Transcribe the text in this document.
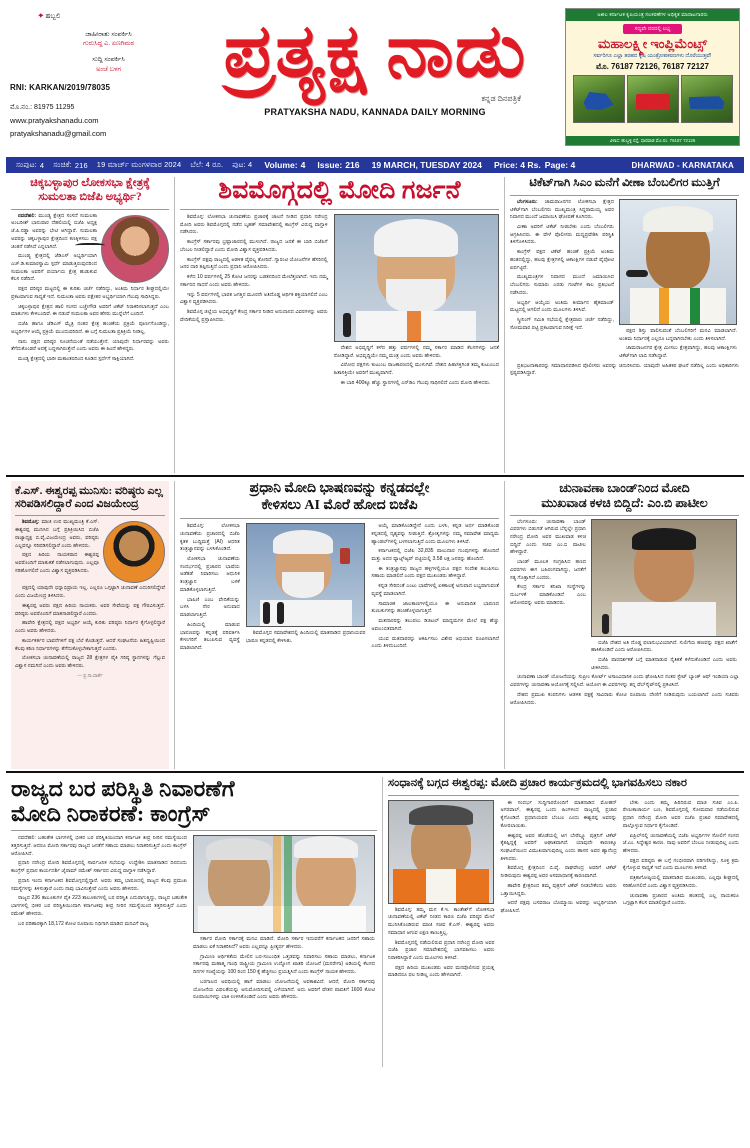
✦ ಹಬ್ಬಲಿ
ಜಾಹೀರಾತು ಸಂಪರ್ಕಿಸಿ
ಗುರುಸಿದ್ದ ಎ. ಏಣಗಿಮಠ
ಸುದ್ದಿ ಸಂಪರ್ಕಿಸಿ
ಅಂಚೆ ಬಳಗ
RNI: KARKAN/2019/78035
ಮೊ.ನಂ.: 81975 11295
www.pratyakshanadu.com
pratyakshanadu@gmail.com
ಪ್ರತ್ಯಕ್ಷ ನಾಡು
ಕನ್ನಡ ದಿನಪತ್ರಿಕೆ
PRATYAKSHA NADU, KANNADA DAILY MORNING
ಅಖಿಲ ಕರ್ನಾಟಕ ಕೃಷಿಯಂತ್ರ ಸಲಕರಣೆಗಳ ಅಧಿಕೃತ ಮಾರಾಟಗಾರರು
ಸದ್ಯವೇ ದರದಲ್ಲಿ ಲಭ್ಯ
ಮಹಾಲಕ್ಷ್ಮೀ ಇಂಪ್ಲಿಮೆಂಟ್ಸ್
ಸರ್ವರಿಗೂ ಎಲ್ಲಾ ತರಹದ ಕೃಷಿ ಯಂತ್ರೋಪಕರಣಗಳು ದೊರೆಯುತ್ತವೆ!
ಮೊ. 76187 72126, 76187 72127
ವಿಳಾಸ: ಹುಬ್ಬಳ್ಳಿ ರಸ್ತೆ, ಧಾರವಾಡ ಮೊ.ನಂ. 76187 72126
ಸಂಪುಟ: 4 ಸಂಚಿಕೆ: 216 19 ಮಾರ್ಚ್ ಮಂಗಳವಾರ 2024 ಬೆಲೆ: 4 ರೂ. ಪುಟ: 4 Volume: 4 Issue: 216 19 MARCH, TUESDAY 2024 Price: 4 Rs. Page: 4	DHARWAD - KARNATAKA
ಚಿಕ್ಕಬಳ್ಳಾಪುರ ಲೋಕಸಭಾ ಕ್ಷೇತ್ರಕ್ಕೆ ಸುಮಲತಾ ಬಿಜೆಪಿ ಅಭ್ಯರ್ಥಿ?

ನವದೆಹಲಿ: ಮುಂಡ್ಯ ಕ್ಷೇತ್ರದ ಸಂಸದೆ ಸುಮಲತಾ ಅಂಬರೀಶ್ ಭಾನುವಾರ ದೆಹಲಿಯಲ್ಲಿ ಬಿಜೆಪಿ ಅಧ್ಯಕ್ಷ ಜೆ.ಪಿ.ನಡ್ಡಾ ಅವರನ್ನು ಭೇಟಿ ಆಗಿದ್ದಾರೆ. ಸುಮಲತಾ ಅವರನ್ನು ಚಿಕ್ಕಬಳ್ಳಾಪುರ ಕ್ಷೇತ್ರದಿಂದ ಕಣಕ್ಕಿಳಿಸಲು ಪಕ್ಷ ಚಿಂತನೆ ನಡೆಸಿದೆ ಎನ್ನಲಾಗಿದೆ.

ಮುಂಡ್ಯ ಕ್ಷೇತ್ರದಲ್ಲಿ ಜೆಡಿಎಸ್ ಅಭ್ಯರ್ಥಿಯಾಗಿ ಎಚ್.ಡಿ.ಕುಮಾರಸ್ವಾಮಿ ಸ್ಪರ್ಧೆ ಮಾಡುತ್ತಿರುವುದರಿಂದ ಸುಮಲತಾ ಅವರಿಗೆ ಪರ್ಯಾಯ ಕ್ಷೇತ್ರ ಹುಡುಕುವ ಕೆಲಸ ನಡೆದಿದೆ.

ಪಕ್ಷದ ವರಿಷ್ಠರ ಮಟ್ಟದಲ್ಲಿ ಈ ಕುರಿತು ಚರ್ಚೆ ನಡೆದಿದ್ದು, ಅಂತಿಮ ನಿರ್ಧಾರ ಶೀಘ್ರದಲ್ಲಿಯೇ ಪ್ರಕಟವಾಗುವ ಸಾಧ್ಯತೆ ಇದೆ. ಸುಮಲತಾ ಅವರು ಪಕ್ಷೇತರ ಅಭ್ಯರ್ಥಿಯಾಗಿ ಗೆಲುವು ಸಾಧಿಸಿದ್ದರು.

ಚಿಕ್ಕಬಳ್ಳಾಪುರ ಕ್ಷೇತ್ರದ ಹಾಲಿ ಸಂಸದ ಬಚ್ಚೇಗೌಡ ಅವರಿಗೆ ಟಿಕೆಟ್ ನಿರಾಕರಿಸಲಾಗುತ್ತದೆ ಎಂಬ ಮಾತುಗಳು ಕೇಳಿಬಂದಿವೆ. ಈ ನಡುವೆ ಸುಮಲತಾ ಅವರ ಹೆಸರು ಮುನ್ನೆಲೆಗೆ ಬಂದಿದೆ.

ಬಿಜೆಪಿ ಹಾಗೂ ಜೆಡಿಎಸ್ ಮೈತ್ರಿ ನಂತರ ಕ್ಷೇತ್ರ ಹಂಚಿಕೆಯ ಪ್ರಕ್ರಿಯೆ ಪೂರ್ಣಗೊಂಡಿದ್ದು, ಅಭ್ಯರ್ಥಿಗಳ ಆಯ್ಕೆ ಪ್ರಕ್ರಿಯೆ ಮುಂದುವರಿದಿದೆ. ಈ ಬಗ್ಗೆ ಸುಮಲತಾ ಪ್ರತಿಕ್ರಿಯೆ ನೀಡಿಲ್ಲ.

ನಾನು ಪಕ್ಷದ ವರಿಷ್ಠರ ಸೂಚನೆಯಂತೆ ನಡೆಯುತ್ತೇನೆ. ಯಾವುದೇ ನಿರ್ಧಾರವನ್ನು ಅವರು ತೆಗೆದುಕೊಂಡರೆ ಅದಕ್ಕೆ ಬದ್ಧಳಾಗಿರುತ್ತೇನೆ ಎಂದು ಅವರು ಈ ಹಿಂದೆ ಹೇಳಿದ್ದರು.

ಮಂಡ್ಯ ಕ್ಷೇತ್ರದಲ್ಲಿ ಭಾರೀ ಮತಾಂತರದಿಂದ ಕೂಡಿದ ಸ್ಪರ್ಧೆಗೆ ಸಾಕ್ಷಿಯಾಗಿದೆ.

ಶಿವಮೊಗ್ಗದಲ್ಲಿ ಮೋದಿ ಗರ್ಜನೆ

ಶಿವಮೊಗ್ಗ: ಲೋಕಸಭಾ ಚುನಾವಣೆಯ ಪ್ರಚಾರಕ್ಕೆ ಚಾಲನೆ ನೀಡಿದ ಪ್ರಧಾನಿ ನರೇಂದ್ರ ಮೋದಿ ಅವರು ಶಿವಮೊಗ್ಗದಲ್ಲಿ ನಡೆದ ಬೃಹತ್ ಸಮಾವೇಶದಲ್ಲಿ ಕಾಂಗ್ರೆಸ್ ವಿರುದ್ಧ ವಾಗ್ದಾಳಿ ನಡೆಸಿದರು.

ಕಾಂಗ್ರೆಸ್ ಸರ್ಕಾರವು ಭ್ರಷ್ಟಾಚಾರದಲ್ಲಿ ಮುಳುಗಿದೆ. ರಾಜ್ಯದ ಜನತೆ ಈ ಬಾರಿ ಬಿಜೆಪಿಗೆ ಬೆಂಬಲ ನೀಡಲಿದ್ದಾರೆ ಎಂದು ಮೋದಿ ವಿಶ್ವಾಸ ವ್ಯಕ್ತಪಡಿಸಿದರು.

ಕಾಂಗ್ರೆಸ್ ಪಕ್ಷವು ರಾಜ್ಯದಲ್ಲಿ ಆಡಳಿತ ವೈಫಲ್ಯ ತೋರಿದೆ. ಗ್ಯಾರಂಟಿ ಯೋಜನೆಗಳ ಹೆಸರಿನಲ್ಲಿ ಜನರ ದಾರಿ ತಪ್ಪಿಸುತ್ತಿದೆ ಎಂದು ಪ್ರಧಾನಿ ಆರೋಪಿಸಿದರು.

ಕಳೆದ 10 ವರ್ಷಗಳಲ್ಲಿ 25 ಕೋಟಿ ಜನರನ್ನು ಬಡತನದಿಂದ ಮೇಲೆತ್ತಲಾಗಿದೆ. ಇದು ನಮ್ಮ ಸರ್ಕಾರದ ಸಾಧನೆ ಎಂದು ಅವರು ಹೇಳಿದರು.

ಇನ್ನು 5 ವರ್ಷಗಳಲ್ಲಿ ಭಾರತ ಜಗತ್ತಿನ ಮೂರನೇ ಅತಿದೊಡ್ಡ ಆರ್ಥಿಕ ಶಕ್ತಿಯಾಗಲಿದೆ ಎಂಬ ವಿಶ್ವಾಸ ವ್ಯಕ್ತಪಡಿಸಿದರು.

ಶಿವಮೊಗ್ಗ ಜಿಲ್ಲೆಯ ಅಭಿವೃದ್ಧಿಗೆ ಕೇಂದ್ರ ಸರ್ಕಾರ ನೀಡಿದ ಅನುದಾನದ ವಿವರಗಳನ್ನು ಅವರು ವೇದಿಕೆಯಲ್ಲಿ ಪ್ರಸ್ತಾಪಿಸಿದರು.

ದೇಶದ ಅಭಿವೃದ್ಧಿಗೆ ಕಳೆದ ಹತ್ತು ವರ್ಷಗಳಲ್ಲಿ ನಮ್ಮ ಸರ್ಕಾರ ಮಾಡಿದ ಕೆಲಸಗಳನ್ನು ಜನತೆ ನೋಡಿದ್ದಾರೆ. ಅಭಿವೃದ್ಧಿಯೇ ನಮ್ಮ ಮಂತ್ರ ಎಂದು ಅವರು ಹೇಳಿದರು.

ವಿರೋಧ ಪಕ್ಷಗಳು ಕುಟುಂಬ ರಾಜಕಾರಣದಲ್ಲಿ ಮುಳುಗಿವೆ. ದೇಶದ ಹಿತಾಸಕ್ತಿಗಿಂತ ತಮ್ಮ ಕುಟುಂಬದ ಹಿತಾಸಕ್ತಿಯೇ ಅವರಿಗೆ ಮುಖ್ಯವಾಗಿದೆ.

ಈ ಬಾರಿ 400ಕ್ಕೂ ಹೆಚ್ಚು ಸ್ಥಾನಗಳಲ್ಲಿ ಎನ್‌ಡಿಎ ಗೆಲುವು ಸಾಧಿಸಲಿದೆ ಎಂದು ಮೋದಿ ಹೇಳಿದರು.

ಟಿಕೆಟ್‌ಗಾಗಿ ಸಿಎಂ ಮನೆಗೆ ವೀಣಾ ಬೆಂಬಲಿಗರ ಮುತ್ತಿಗೆ

ಬೆಂಗಳೂರು: ಚಾಮರಾಜನಗರ ಲೋಕಸಭಾ ಕ್ಷೇತ್ರದ ಟಿಕೆಟ್‌ಗಾಗಿ ಬೆಂಬಲಿಗರು ಮುಖ್ಯಮಂತ್ರಿ ಸಿದ್ದರಾಮಯ್ಯ ಅವರ ನಿವಾಸದ ಮುಂದೆ ಜಮಾಯಿಸಿ ಘೋಷಣೆ ಕೂಗಿದರು.

ವೀಣಾ ಅವರಿಗೆ ಟಿಕೆಟ್ ನೀಡಬೇಕು ಎಂದು ಬೆಂಬಲಿಗರು ಆಗ್ರಹಿಸಿದರು. ಈ ವೇಳೆ ಪೊಲೀಸರು ಮಧ್ಯಪ್ರವೇಶಿಸಿ ಪರಿಸ್ಥಿತಿ ತಿಳಿಗೊಳಿಸಿದರು.

ಕಾಂಗ್ರೆಸ್ ಪಕ್ಷದ ಟಿಕೆಟ್ ಹಂಚಿಕೆ ಪ್ರಕ್ರಿಯೆ ಅಂತಿಮ ಹಂತದಲ್ಲಿದ್ದು, ಹಲವು ಕ್ಷೇತ್ರಗಳಲ್ಲಿ ಆಕಾಂಕ್ಷಿಗಳ ನಡುವೆ ಪೈಪೋಟಿ ಏರ್ಪಟ್ಟಿದೆ.

ಮುಖ್ಯಮಂತ್ರಿಗಳ ನಿವಾಸದ ಮುಂದೆ ಜಮಾಯಿಸಿದ ಬೆಂಬಲಿಗರು ಸುಮಾರು ಎರಡು ಗಂಟೆಗಳ ಕಾಲ ಪ್ರತಿಭಟನೆ ನಡೆಸಿದರು.

ಅಭ್ಯರ್ಥಿ ಆಯ್ಕೆಯ ಅಂತಿಮ ತೀರ್ಮಾನ ಹೈಕಮಾಂಡ್ ಮಟ್ಟದಲ್ಲಿ ಆಗಲಿದೆ ಎಂದು ಮೂಲಗಳು ತಿಳಿಸಿವೆ.

ಸ್ಕ್ರೀನಿಂಗ್ ಸಮಿತಿ ಸಭೆಯಲ್ಲಿ ಕ್ಷೇತ್ರವಾರು ಚರ್ಚೆ ನಡೆದಿದ್ದು, ಸೋಮವಾರ ಪಟ್ಟಿ ಪ್ರಕಟವಾಗುವ ನಿರೀಕ್ಷೆ ಇದೆ.	ಪಕ್ಷದ ಶಿಸ್ತು ಪಾಲಿಸುವಂತೆ ಬೆಂಬಲಿಗರಿಗೆ ಮನವಿ ಮಾಡಲಾಗಿದೆ. ಅಂತಿಮ ನಿರ್ಧಾರಕ್ಕೆ ಎಲ್ಲರೂ ಬದ್ಧರಾಗಿರಬೇಕು ಎಂದು ತಿಳಿಸಲಾಗಿದೆ.

ಚಾಮರಾಜನಗರ ಕ್ಷೇತ್ರ ಮೀಸಲು ಕ್ಷೇತ್ರವಾಗಿದ್ದು, ಹಲವು ಆಕಾಂಕ್ಷಿಗಳು ಟಿಕೆಟ್‌ಗಾಗಿ ಲಾಬಿ ನಡೆಸಿದ್ದಾರೆ.

ಪ್ರತಿಭಟನಾಕಾರರನ್ನು ಸಮಾಧಾನಪಡಿಸಿದ ಪೊಲೀಸರು ಅವರನ್ನು ಚದುರಿಸಿದರು. ಯಾವುದೇ ಅಹಿತಕರ ಘಟನೆ ನಡೆದಿಲ್ಲ ಎಂದು ಅಧಿಕಾರಿಗಳು ಸ್ಪಷ್ಟಪಡಿಸಿದ್ದಾರೆ.

ಕೆ.ಎಸ್. ಈಶ್ವರಪ್ಪ ಮುನಿಸು: ವರಿಷ್ಠರು ಎಲ್ಲ ಸರಿಪಡಿಸಲಿದ್ದಾರೆ ಎಂದ ವಿಜಯೇಂದ್ರ

ಶಿವಮೊಗ್ಗ: ಮಾಜಿ ಉಪ ಮುಖ್ಯಮಂತ್ರಿ ಕೆ.ಎಸ್. ಈಶ್ವರಪ್ಪ ಮುನಿಸಿನ ಬಗ್ಗೆ ಪ್ರತಿಕ್ರಿಯಿಸಿದ ಬಿಜೆಪಿ ರಾಜ್ಯಾಧ್ಯಕ್ಷ ಬಿ.ವೈ.ವಿಜಯೇಂದ್ರ ಅವರು, ವರಿಷ್ಠರು ಎಲ್ಲವನ್ನೂ ಸರಿಪಡಿಸಲಿದ್ದಾರೆ ಎಂದು ಹೇಳಿದರು.

ಪಕ್ಷದ ಹಿರಿಯ ನಾಯಕರಾದ ಈಶ್ವರಪ್ಪ ಅವರೊಂದಿಗೆ ಮಾತುಕತೆ ನಡೆಸಲಾಗುವುದು. ಎಲ್ಲವೂ ಸರಿಹೋಗಲಿದೆ ಎಂದು ವಿಶ್ವಾಸ ವ್ಯಕ್ತಪಡಿಸಿದರು.

ಪಕ್ಷದಲ್ಲಿ ಯಾವುದೇ ಭಿನ್ನಾಭಿಪ್ರಾಯ ಇಲ್ಲ. ಎಲ್ಲರೂ ಒಗ್ಗಟ್ಟಾಗಿ ಚುನಾವಣೆ ಎದುರಿಸಲಿದ್ದೇವೆ ಎಂದು ವಿಜಯೇಂದ್ರ ತಿಳಿಸಿದರು.

ಈಶ್ವರಪ್ಪ ಅವರು ಪಕ್ಷದ ಹಿರಿಯ ನಾಯಕರು. ಅವರ ಸೇವೆಯನ್ನು ಪಕ್ಷ ಗೌರವಿಸುತ್ತದೆ. ವರಿಷ್ಠರು ಅವರೊಂದಿಗೆ ಮಾತನಾಡಲಿದ್ದಾರೆ ಎಂದರು.

ಹಾವೇರಿ ಕ್ಷೇತ್ರದಲ್ಲಿ ಪಕ್ಷದ ಅಭ್ಯರ್ಥಿ ಆಯ್ಕೆ ಕುರಿತು ವರಿಷ್ಠರು ನಿರ್ಧಾರ ಕೈಗೊಳ್ಳಲಿದ್ದಾರೆ ಎಂದು ಅವರು ಹೇಳಿದರು.

ಕಾರ್ಯಕರ್ತರ ಭಾವನೆಗಳಿಗೆ ಪಕ್ಷ ಬೆಲೆ ಕೊಡುತ್ತದೆ. ಆದರೆ ಸಂಘಟನೆಯ ಹಿತದೃಷ್ಟಿಯಿಂದ ಕೆಲವು ಕಠಿಣ ನಿರ್ಧಾರಗಳನ್ನು ತೆಗೆದುಕೊಳ್ಳಬೇಕಾಗುತ್ತದೆ ಎಂದರು.

ಲೋಕಸಭಾ ಚುನಾವಣೆಯಲ್ಲಿ ರಾಜ್ಯದ 28 ಕ್ಷೇತ್ರಗಳ ಪೈಕಿ ಗರಿಷ್ಠ ಸ್ಥಾನಗಳನ್ನು ಗೆಲ್ಲುವ ವಿಶ್ವಾಸ ನಮಗಿದೆ ಎಂದು ಅವರು ಹೇಳಿದರು.

— ಪ್ರ.ನಾ.ವಾರ್ತೆ

ಪ್ರಧಾನಿ ಮೋದಿ ಭಾಷಣವನ್ನು ಕನ್ನಡದಲ್ಲೇ
ಕೇಳಿಸಲು AI ಮೊರೆ ಹೋದ ಬಿಜೆಪಿ

ಶಿವಮೊಗ್ಗ: ಲೋಕಸಭಾ ಚುನಾವಣೆಯ ಪ್ರಚಾರದಲ್ಲಿ ಬಿಜೆಪಿ ಕೃತಕ ಬುದ್ಧಿಮತ್ತೆ (AI) ಆಧರಿತ ತಂತ್ರಜ್ಞಾನವನ್ನು ಬಳಸಿಕೊಂಡಿದೆ.

ಲೋಕಸಭಾ ಚುನಾವಣೆಯ ಸಂದರ್ಭದಲ್ಲಿ ಪ್ರಚಾರದ ಭಾಷೆಯ ಅಡೆತಡೆ ನಿವಾರಿಸಲು ಆಧುನಿಕ ತಂತ್ರಜ್ಞಾನ ಬಳಕೆ ಮಾಡಿಕೊಳ್ಳಲಾಗುತ್ತಿದೆ.

ಭಾಷಿಣಿ ಎಂಬ ವೇದಿಕೆಯನ್ನು ಬಳಸಿ ನೇರ ಅನುವಾದ ಮಾಡಲಾಗುತ್ತಿದೆ.

ಹಿಂದಿಯಲ್ಲಿ ಮಾಡುವ ಭಾಷಣವನ್ನು ಕನ್ನಡಕ್ಕೆ ಪರಿವರ್ತಿಸಿ ಕೇಳುಗರಿಗೆ ತಲುಪಿಸುವ ವ್ಯವಸ್ಥೆ ಮಾಡಲಾಗಿದೆ.

ಶಿವಮೊಗ್ಗದ ಸಮಾವೇಶದಲ್ಲಿ ಹಿಂದಿಯಲ್ಲಿ ಮಾತನಾಡಿದ ಪ್ರಧಾನಿಯವರ ಭಾಷಣ ಕನ್ನಡದಲ್ಲಿ ಕೇಳಿಸಿತು.

ಆಯ್ಕೆ ಮಾಡಿಕೊಂಡಿದ್ದೇನೆ ಎಂದು ಬಳಸಿ, ಕನ್ನಡ ಅರ್ಥ ಮಾಡಿಕೊಂಡ ಕನ್ನಡದಲ್ಲಿ ದೃಶ್ಯವನ್ನು ನೀಡುತ್ತಿದೆ. ಶ್ರೋತೃಗಳನ್ನು ನಮ್ಮ ಸಮಾವೇಶ ಮಾಧ್ಯಮ ಹ್ಯಾಂಡಲ್‌ಗಳಲ್ಲಿ ಬಳಸಲಾಗುತ್ತಿದೆ ಎಂದು ಮೂಲಗಳು ತಿಳಿಸಿವೆ.

ಕರ್ನಾಟಕದಲ್ಲಿ ಬಿಜೆಪಿ 32,835 ಪಾಲುದಾರ ಗುಂಪುಗಳನ್ನು ಹೊಂದಿದೆ ಮತ್ತು ಅದರ ವ್ಯಾಟ್ಸ್‌ಆ್ಯಪ್ ಪಟ್ಟಿಯಲ್ಲಿ 3.58 ಲಕ್ಷ ಜನರನ್ನು ಹೊಂದಿದೆ.

ಈ ತಂತ್ರಜ್ಞಾನವು ರಾಜ್ಯದ ಹಳ್ಳಿಗಳಲ್ಲಿಯೂ ಪಕ್ಷದ ಸಂದೇಶ ತಲುಪಿಸಲು ಸಹಾಯ ಮಾಡಲಿದೆ ಎಂದು ಪಕ್ಷದ ಮುಖಂಡರು ಹೇಳಿದ್ದಾರೆ.

ಕನ್ನಡ ಸೇರಿದಂತೆ ಎಂಟು ಭಾಷೆಗಳಲ್ಲಿ ಏಕಕಾಲಕ್ಕೆ ಅನುವಾದ ಲಭ್ಯವಾಗುವಂತೆ ವ್ಯವಸ್ಥೆ ಮಾಡಲಾಗಿದೆ.

ಸಾಮಾಜಿಕ ಜಾಲತಾಣಗಳಲ್ಲಿಯೂ ಈ ಅನುವಾದಿತ ಭಾಷಣದ ತುಣುಕುಗಳನ್ನು ಹಂಚಿಕೊಳ್ಳಲಾಗುತ್ತಿದೆ.

ಮತದಾರರನ್ನು ತಲುಪಲು ಡಿಜಿಟಲ್ ಮಾಧ್ಯಮಗಳ ಮೇಲೆ ಪಕ್ಷ ಹೆಚ್ಚು ಅವಲಂಬಿತವಾಗಿದೆ.

ಯುವ ಮತದಾರರನ್ನು ಆಕರ್ಷಿಸಲು ವಿಶೇಷ ಅಭಿಯಾನ ರೂಪಿಸಲಾಗಿದೆ ಎಂದು ತಿಳಿದುಬಂದಿದೆ.

ಚುನಾವಣಾ ಬಾಂಡ್‌ನಿಂದ ಮೋದಿ
ಮುಖವಾಡ ಕಳಚಿ ಬಿದ್ದಿದೆ: ಎಂ.ಬಿ ಪಾಟೀಲ

ಬೆಂಗಳೂರು: ಚುನಾವಣಾ ಬಾಂಡ್ ವಿವರಗಳು ಬಿಡುಗಡೆ ಆಗಿರುವ ಬೆನ್ನಲ್ಲೇ ಪ್ರಧಾನಿ ನರೇಂದ್ರ ಮೋದಿ ಅವರ ಮುಖವಾಡ ಕಳಚಿ ಬಿದ್ದಿದೆ ಎಂದು ಸಚಿವ ಎಂ.ಬಿ ಪಾಟೀಲ ಹೇಳಿದ್ದಾರೆ.

ಬಾಂಡ್ ಮೂಲಕ ಸಂಗ್ರಹಿಸಿದ ಹಣದ ವಿವರಗಳು ಈಗ ಬಹಿರಂಗವಾಗಿದ್ದು, ಜನತೆಗೆ ಸತ್ಯ ಗೊತ್ತಾಗಿದೆ ಎಂದರು.

ಕೇಂದ್ರ ಸರ್ಕಾರ ತನಿಖಾ ಸಂಸ್ಥೆಗಳನ್ನು ದುರ್ಬಳಕೆ ಮಾಡಿಕೊಂಡಿದೆ ಎಂಬ ಆರೋಪವನ್ನು ಅವರು ಮಾಡಿದರು.

ಬಿಜೆಪಿ ದೇಶದ ಅತಿ ದೊಡ್ಡ ಫಲಾನುಭವಿಯಾಗಿದೆ. ಸುಲಿಗೆಯ ಹಣವನ್ನು ಪಕ್ಷದ ಖಾತೆಗೆ ಹಾಕಿಕೊಂಡಿದೆ ಎಂದು ಆರೋಪಿಸಿದರು.

ಬಿಜೆಪಿ ಪಾರದರ್ಶಕತೆ ಬಗ್ಗೆ ಮಾತನಾಡುವ ನೈತಿಕತೆ ಕಳೆದುಕೊಂಡಿದೆ ಎಂದು ಅವರು ಟೀಕಿಸಿದರು.

ಚುನಾವಣಾ ಬಾಂಡ್ ಯೋಜನೆಯನ್ನು ಸುಪ್ರೀಂ ಕೋರ್ಟ್ ಅಸಾಂವಿಧಾನಿಕ ಎಂದು ಘೋಷಿಸಿದ ನಂತರ ಸ್ಟೇಟ್ ಬ್ಯಾಂಕ್ ಆಫ್ ಇಂಡಿಯಾ ಎಲ್ಲಾ ವಿವರಗಳನ್ನು ಚುನಾವಣಾ ಆಯೋಗಕ್ಕೆ ಸಲ್ಲಿಸಿದೆ. ಆಯೋಗ ಈ ವಿವರಗಳನ್ನು ತನ್ನ ವೆಬ್‌ಸೈಟ್‌ನಲ್ಲಿ ಪ್ರಕಟಿಸಿದೆ.

ದೇಶದ ಪ್ರಮುಖ ಕಂಪನಿಗಳು ಆಡಳಿತ ಪಕ್ಷಕ್ಕೆ ಸಾವಿರಾರು ಕೋಟಿ ರೂಪಾಯಿ ದೇಣಿಗೆ ನೀಡಿರುವುದು ಬಯಲಾಗಿದೆ ಎಂದು ಸಚಿವರು ಆರೋಪಿಸಿದರು.

ರಾಜ್ಯದ ಬರ ಪರಿಸ್ಥಿತಿ ನಿವಾರಣೆಗೆ
ಮೋದಿ ನಿರಾಕರಣೆ: ಕಾಂಗ್ರೆಸ್

ನವದೆಹಲಿ: ಬಹುತೇಕ ಭಾಗಗಳಲ್ಲಿ ಭೀಕರ ಬರ ಪರಿಸ್ಥಿತಿಯಿಂದಾಗಿ ಕರ್ನಾಟಕ ತೀವ್ರ ನೀರಿನ ಸಮಸ್ಯೆಯಿಂದ ತತ್ತರಿಸುತ್ತಿದೆ. ಆದರೂ ಮೋದಿ ಸರ್ಕಾರವು ರಾಜ್ಯದ ಜನತೆಗೆ ಸಹಾಯ ಮಾಡಲು ನಿರಾಕರಿಸುತ್ತಿದೆ ಎಂದು ಕಾಂಗ್ರೆಸ್ ಆರೋಪಿಸಿದೆ.

ಪ್ರಧಾನಿ ನರೇಂದ್ರ ಮೋದಿ ಶಿವಮೊಗ್ಗದಲ್ಲಿ ಸಾರ್ವಜನಿಕ ಸಭೆಯನ್ನು ಉದ್ದೇಶಿಸಿ ಮಾತನಾಡಿದ ದಿನದಂದು ಕಾಂಗ್ರೆಸ್ ಪ್ರಧಾನ ಕಾರ್ಯದರ್ಶಿ ಜೈರಾಮ್ ರಮೇಶ್ ಸರ್ಕಾರದ ವಿರುದ್ಧ ವಾಗ್ದಾಳಿ ನಡೆಸಿದ್ದಾರೆ.

ಪ್ರಧಾನಿ ಇಂದು ಕರ್ನಾಟಕದ ಶಿವಮೊಗ್ಗದಲ್ಲಿದ್ದಾರೆ. ಅವರು ತಮ್ಮ ಭಾಷಣದಲ್ಲಿ ರಾಜ್ಯದ ಕೆಲವು ಪ್ರಮುಖ ಸಮಸ್ಯೆಗಳನ್ನು ತಿಳಿಸುತ್ತಾರೆ ಎಂದು ನಾವು ಭಾವಿಸುತ್ತೇವೆ ಎಂದು ಅವರು ಹೇಳಿದರು.

ರಾಜ್ಯದ 236 ತಾಲೂಕುಗಳ ಪೈಕಿ 223 ತಾಲೂಕುಗಳಲ್ಲಿ ಬರ ಪರಿಸ್ಥಿತಿ ಎದುರಾಗುತ್ತಿದ್ದು, ರಾಜ್ಯದ ಬಹುತೇಕ ಭಾಗಗಳಲ್ಲಿ ಭೀಕರ ಬರ ಪರಿಸ್ಥಿತಿಯಿಂದಾಗಿ ಕರ್ನಾಟಕವು ತೀವ್ರ ನೀರಿನ ಸಮಸ್ಯೆಯಿಂದ ತತ್ತರಿಸುತ್ತಿದೆ ಎಂದು ರಮೇಶ್ ಹೇಳಿದರು.

ಬರ ಪರಿಹಾರಕ್ಕಾಗಿ 18,172 ಕೋಟಿ ರೂಪಾಯಿ ನಿಧಿಗಾಗಿ ಮಾಡಿದ ಮನವಿಗೆ ರಾಜ್ಯ

ಸರ್ಕಾರ ಮೋದಿ ಸರ್ಕಾರಕ್ಕೆ ಮನವಿ ಮಾಡಿದೆ. ಮೋದಿ ಸರ್ಕಾರ ಇದುವರೆಗೆ ಕರ್ನಾಟಕದ ಜನರಿಗೆ ಸಹಾಯ ಮಾಡಲು ಏಕೆ ನಿರಾಕರಿಸಿದೆ? ಅವರು ಎಲ್ಲವನ್ನೂ ಪ್ರೀತ್ಯರ್ಥ ಹೇಳಿದರು.

ಗ್ರಾಮೀಣ ಆರ್ಥಿಕತೆಯ ಮೇಲಿನ ಬರ-ಸಂಬಂಧಿತ ಒತ್ತಡವನ್ನು ನಿವಾರಿಸಲು ಸಹಾಯ ಮಾಡಲು, ಕರ್ನಾಟಕ ಸರ್ಕಾರವು ಮಹಾತ್ಮ ಗಾಂಧಿ ರಾಷ್ಟ್ರೀಯ ಗ್ರಾಮೀಣ ಉದ್ಯೋಗ ಖಾತರಿ ಯೋಜನೆ (ಮನರೇಗಾ) ಅಡಿಯಲ್ಲಿ ಕೆಲಸದ ದಿನಗಳ ಸಂಖ್ಯೆಯನ್ನು 100 ರಿಂದ 150 ಕ್ಕೆ ಹೆಚ್ಚಿಸಲು ಪ್ರಯತ್ನಿಸಿದೆ ಎಂದು ಕಾಂಗ್ರೆಸ್ ನಾಯಕ ಹೇಳಿದರು.

ಬರಗಾಲದ ಅವಧಿಯಲ್ಲಿ ಹಾಗೆ ಮಾಡಲು ಯೋಜನೆಯಲ್ಲಿ ಅವಕಾಶವಿದೆ. ಆದರೆ, ಮೋದಿ ಸರ್ಕಾರವು ಯೋಜನೆಯ ವಿಫಲತೆಯನ್ನು ಅನುಮೋದಿಸುವಲ್ಲಿ ಎಳೆಯಾಗಿದೆ. ಅದು ಅವರಿಗೆ ವೇತನ ಪಾವತಿಗೆ 1600 ಕೋಟಿ ರೂಪಾಯಿಗಳನ್ನು ಬಾಕಿ ಉಳಿಸಿಕೊಂಡಿದೆ ಎಂದು ಅವರು ಹೇಳಿದರು.

ಸಂಧಾನಕ್ಕೆ ಬಗ್ಗದ ಈಶ್ವರಪ್ಪ: ಮೋದಿ ಪ್ರಚಾರ ಕಾರ್ಯಕ್ರಮದಲ್ಲಿ ಭಾಗವಹಿಸಲು ನಕಾರ

ಶಿವಮೊಗ್ಗ: ತಮ್ಮ ಮಗ ಕೆ.ಇ. ಕಾಂತೇಶ್‌ಗೆ ಲೋಕಸಭಾ ಚುನಾವಣೆಯಲ್ಲಿ ಟಿಕೆಟ್ ನೀಡದ ಕಾರಣ ಬಿಜೆಪಿ ವರಿಷ್ಠರ ಮೇಲೆ ಮುನಿಸಿಕೊಂಡಿರುವ ಮಾಜಿ ಸಚಿವ ಕೆ.ಎಸ್. ಈಶ್ವರಪ್ಪ ಅವರು ಸಮಾಧಾನ ಆಗುವ ಲಕ್ಷಣ ಕಾಣುತ್ತಿಲ್ಲ.

ಶಿವಮೊಗ್ಗದಲ್ಲಿ ನಡೆಯಲಿರುವ ಪ್ರಧಾನಿ ನರೇಂದ್ರ ಮೋದಿ ಅವರ ಬಿಜೆಪಿ ಪ್ರಚಾರ ಸಮಾವೇಶದಲ್ಲಿ ಭಾಗವಹಿಸಲು ಅವರು ನಿರಾಕರಿಸಿದ್ದಾರೆ ಎಂದು ಮೂಲಗಳು ತಿಳಿಸಿವೆ.

ಪಕ್ಷದ ಹಿರಿಯ ಮುಖಂಡರು ಅವರ ಮನವೊಲಿಸುವ ಪ್ರಯತ್ನ ಮಾಡಿದರೂ ಫಲ ನೀಡಿಲ್ಲ ಎಂದು ಹೇಳಲಾಗಿದೆ.

ಈ ಸಂದರ್ಭ ಸುದ್ದಿಗಾರರೊಂದಿಗೆ ಮಾತನಾಡಿದ ಮೋಹನ್ ಅಗರವಾಲ್, ಈಶ್ವರಪ್ಪ ಒಂದು ಹಿಂಗಳಿಂದ ರಾಜ್ಯದಲ್ಲಿ ಪ್ರಚಾರ ಕೈಗೊಂಡಿದೆ. ಪ್ರಧಾನಿಯವರ ಬೆಂಬಲ ಎಂದು ಈಶ್ವರಪ್ಪ ಅವರನ್ನು ಕೋರಲಾಯಿತು.

ಈಶ್ವರಪ್ಪ ಅವರ ಹೊಡೆಯಲ್ಲಿ ಆಗ ಬೇರೆಲ್ಲ್ಯೂ ಪುತ್ರನಿಗೆ ಟಿಕೆಟ್ ಕೈತಪ್ಪಿದ್ದಕ್ಕೆ ಅವರಿಗೆ ಅಘಾತವಾಗಿದೆ. ಯಾವುದೇ ಕಾರಣಕ್ಕೂ ಸಂಘಟನೆಯಿಂದ ವಿಮುಖವಾಗುವುದಿಲ್ಲ ಎಂದು ಹಾಸನ ಅವರ ಹ್ಯಾನೆಂದ್ರ ತಿಳಿಸಿದರು.

ಶಿವಮೊಗ್ಗ ಕ್ಷೇತ್ರದಿಂದ ಬಿ.ವೈ. ರಾಘವೇಂದ್ರ ಅವರಿಗೆ ಟಿಕೆಟ್ ನೀಡಿರುವುದು ಈಶ್ವರಪ್ಪ ಅವರ ಅಸಮಾಧಾನಕ್ಕೆ ಕಾರಣವಾಗಿದೆ.

ಹಾವೇರಿ ಕ್ಷೇತ್ರದಿಂದ ತಮ್ಮ ಪುತ್ರನಿಗೆ ಟಿಕೆಟ್ ನೀಡಬೇಕೆಂದು ಅವರು ಒತ್ತಾಯಿಸಿದ್ದರು.

ಆದರೆ ಪಕ್ಷವು ಬಸವರಾಜ ಬೊಮ್ಮಾಯಿ ಅವರನ್ನು ಅಭ್ಯರ್ಥಿಯಾಗಿ ಘೋಷಿಸಿದೆ.

ಬೇಕು ಎಂದು ತಮ್ಮ ಹಿರಿದಿರುವ ಮಾಜಿ ಸಚಿವ ಎಂ.ಪಿ. ರೇಣುಕಾಚಾರ್ಯ ಬಣ, ಶಿವಮೊಗ್ಗದಲ್ಲಿ ಸೋಮವಾರ ನಡೆಯಲಿರುವ ಪ್ರಧಾನಿ ನರೇಂದ್ರ ಮೋದಿ ಅವರ ಬಿಜೆಪಿ ಪ್ರಚಾರ ಸಮಾವೇಶದಲ್ಲಿ ಪಾಲ್ಗೊಳ್ಳುವ ನಿರ್ಧಾರ ಕೈಗೊಂಡಿದೆ.

ಏಪ್ರಿಲ್‌ನಲ್ಲಿ ಚುನಾವಣೆಯಲ್ಲಿ ಬಿಜೆಪಿ ಅಭ್ಯರ್ಥಿಗಳ ಸೋಲಿಗೆ ಸಂಸದ ಜೆ.ಎಂ. ಸಿದ್ದೇಶ್ವರ ಕಾರಣ. ನಾವು ಅವರಿಗೆ ಬೆಂಬಲ ನೀಡುವುದಿಲ್ಲ ಎಂದು ಹೇಳಿದರು.

ಪಕ್ಷದ ವರಿಷ್ಠರು ಈ ಬಗ್ಗೆ ಗಂಭೀರವಾಗಿ ಪರಿಗಣಿಸಿದ್ದು, ಸೂಕ್ತ ಕ್ರಮ ಕೈಗೊಳ್ಳುವ ಸಾಧ್ಯತೆ ಇದೆ ಎಂದು ಮೂಲಗಳು ತಿಳಿಸಿವೆ.

ಪತ್ರಿಕಾಗೋಷ್ಠಿಯಲ್ಲಿ ಮಾತನಾಡಿದ ಮುಖಂಡರು, ಎಲ್ಲವೂ ಶೀಘ್ರದಲ್ಲಿ ಸರಿಹೋಗಲಿದೆ ಎಂದು ವಿಶ್ವಾಸ ವ್ಯಕ್ತಪಡಿಸಿದರು.

ಚುನಾವಣಾ ಪ್ರಚಾರದ ಅಂತಿಮ ಹಂತದಲ್ಲಿ ಎಲ್ಲ ನಾಯಕರೂ ಒಗ್ಗಟ್ಟಾಗಿ ಕೆಲಸ ಮಾಡಲಿದ್ದಾರೆ ಎಂದರು.
